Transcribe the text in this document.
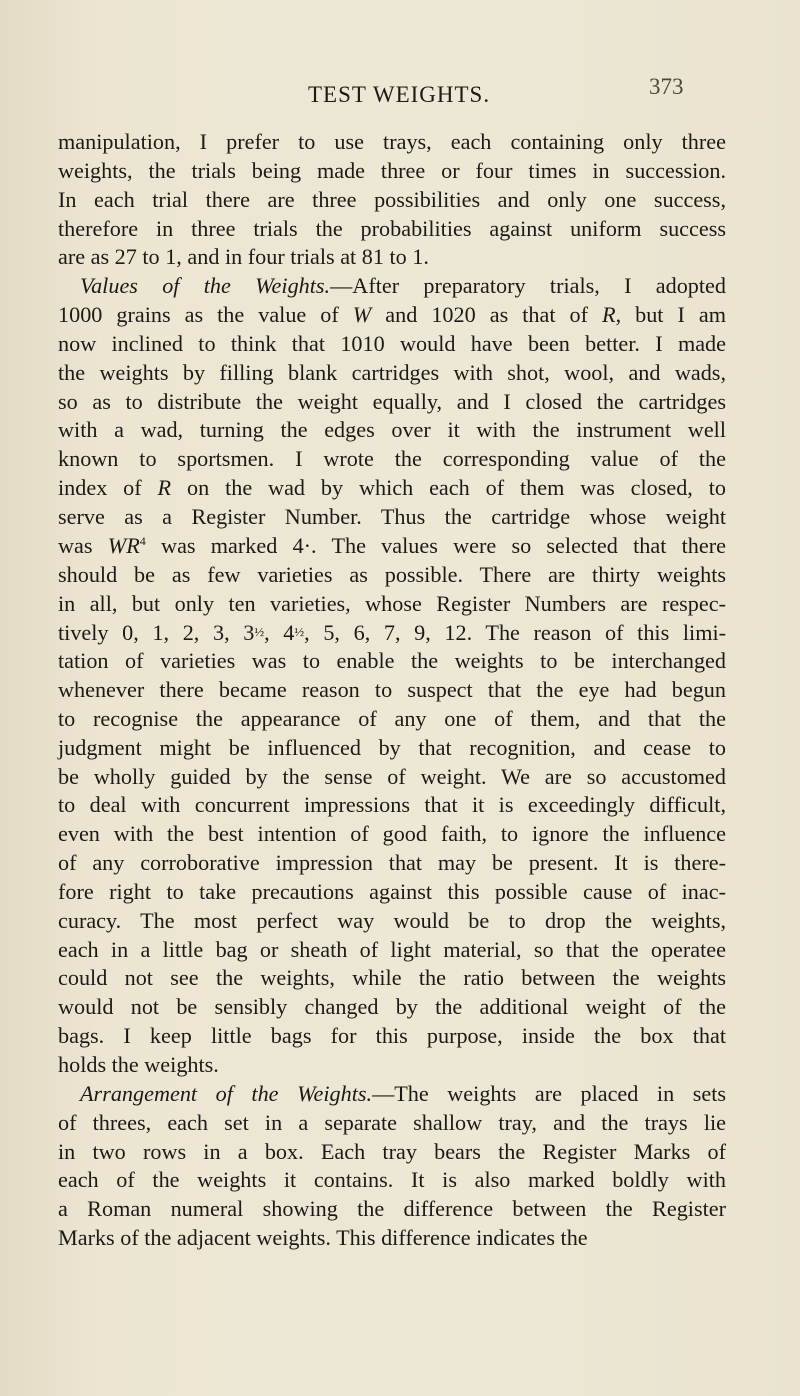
TEST WEIGHTS.	373
manipulation, I prefer to use trays, each containing only three
weights, the trials being made three or four times in succession.
In each trial there are three possibilities and only one success,
therefore in three trials the probabilities against uniform success
are as 27 to 1, and in four trials at 81 to 1.
Values of the Weights.—After preparatory trials, I adopted
1000 grains as the value of W and 1020 as that of R, but I am
now inclined to think that 1010 would have been better. I made
the weights by filling blank cartridges with shot, wool, and wads,
so as to distribute the weight equally, and I closed the cartridges
with a wad, turning the edges over it with the instrument well
known to sportsmen. I wrote the corresponding value of the
index of R on the wad by which each of them was closed, to
serve as a Register Number. Thus the cartridge whose weight
was $WR^4$ was marked 4·. The values were so selected that there
should be as few varieties as possible. There are thirty weights
in all, but only ten varieties, whose Register Numbers are respec-
tively 0, 1, 2, 3, 3½, 4½, 5, 6, 7, 9, 12. The reason of this limi-
tation of varieties was to enable the weights to be interchanged
whenever there became reason to suspect that the eye had begun
to recognise the appearance of any one of them, and that the
judgment might be influenced by that recognition, and cease to
be wholly guided by the sense of weight. We are so accustomed
to deal with concurrent impressions that it is exceedingly difficult,
even with the best intention of good faith, to ignore the influence
of any corroborative impression that may be present. It is there-
fore right to take precautions against this possible cause of inac-
curacy. The most perfect way would be to drop the weights,
each in a little bag or sheath of light material, so that the operatee
could not see the weights, while the ratio between the weights
would not be sensibly changed by the additional weight of the
bags. I keep little bags for this purpose, inside the box that
holds the weights.
Arrangement of the Weights.—The weights are placed in sets
of threes, each set in a separate shallow tray, and the trays lie
in two rows in a box. Each tray bears the Register Marks of
each of the weights it contains. It is also marked boldly with
a Roman numeral showing the difference between the Register
Marks of the adjacent weights. This difference indicates the
